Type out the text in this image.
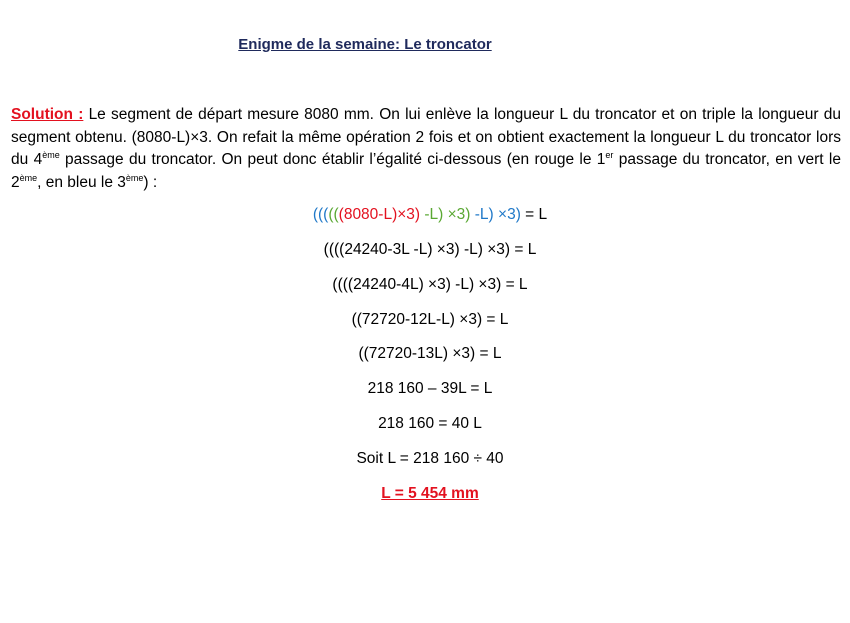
Enigme de la semaine: Le troncator
Solution : Le segment de départ mesure 8080 mm. On lui enlève la longueur L du troncator et on triple la longueur du segment obtenu. (8080-L)×3. On refait la même opération 2 fois et on obtient exactement la longueur L du troncator lors du 4ème passage du troncator. On peut donc établir l’égalité ci-dessous (en rouge le 1er passage du troncator, en vert le 2ème, en bleu le 3ème) :
((((((8080-L)×3) -L) ×3) -L) ×3) = L
((((24240-3L -L) ×3) -L) ×3) = L
((((24240-4L) ×3) -L) ×3) = L
((72720-12L-L) ×3) = L
((72720-13L) ×3) = L
218 160 – 39L = L
218 160 = 40 L
Soit L = 218 160 ÷ 40
L = 5 454 mm
